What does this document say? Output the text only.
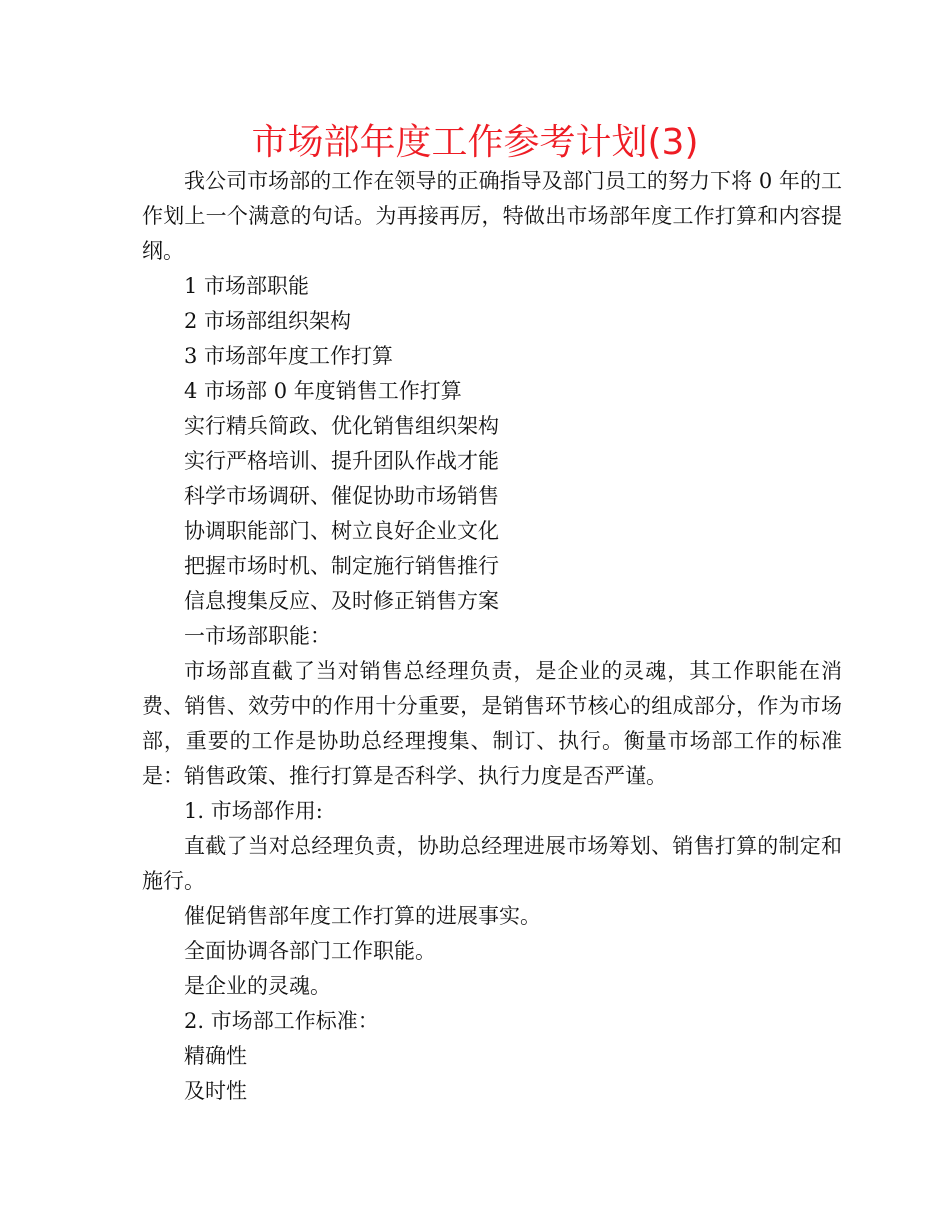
市场部年度工作参考计划(3)

我公司市场部的工作在领导的正确指导及部门员工的努力下将 0 年的工作划上一个满意的句话。为再接再厉，特做出市场部年度工作打算和内容提纲。

1 市场部职能

2 市场部组织架构

3 市场部年度工作打算

4 市场部 0 年度销售工作打算

实行精兵简政、优化销售组织架构

实行严格培训、提升团队作战才能

科学市场调研、催促协助市场销售

协调职能部门、树立良好企业文化

把握市场时机、制定施行销售推行

信息搜集反应、及时修正销售方案

一市场部职能：

市场部直截了当对销售总经理负责，是企业的灵魂，其工作职能在消费、销售、效劳中的作用十分重要，是销售环节核心的组成部分，作为市场部，重要的工作是协助总经理搜集、制订、执行。衡量市场部工作的标准是：销售政策、推行打算是否科学、执行力度是否严谨。

1. 市场部作用:

直截了当对总经理负责，协助总经理进展市场筹划、销售打算的制定和施行。

催促销售部年度工作打算的进展事实。

全面协调各部门工作职能。

是企业的灵魂。

2. 市场部工作标准：

精确性

及时性
